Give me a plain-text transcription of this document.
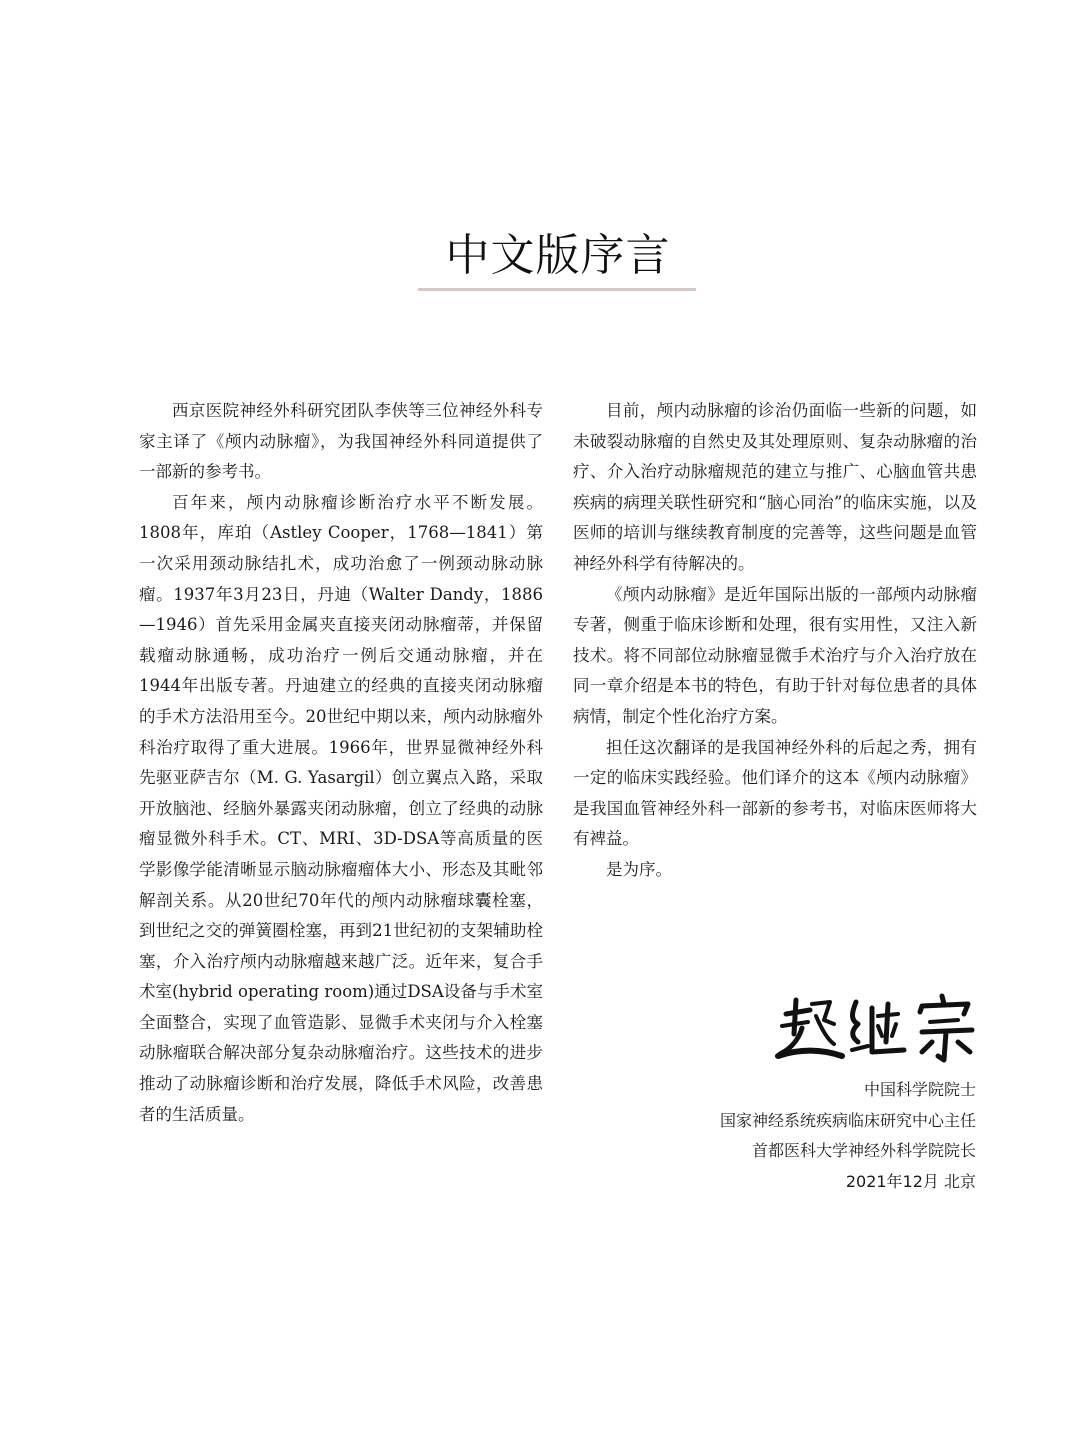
中文版序言

西京医院神经外科研究团队李侠等三位神经外科专家主译了《颅内动脉瘤》，为我国神经外科同道提供了一部新的参考书。

百年来，颅内动脉瘤诊断治疗水平不断发展。1808年，库珀（Astley Cooper，1768—1841）第一次采用颈动脉结扎术，成功治愈了一例颈动脉动脉瘤。1937年3月23日，丹迪（Walter Dandy，1886—1946）首先采用金属夹直接夹闭动脉瘤蒂，并保留载瘤动脉通畅，成功治疗一例后交通动脉瘤，并在1944年出版专著。丹迪建立的经典的直接夹闭动脉瘤的手术方法沿用至今。20世纪中期以来，颅内动脉瘤外科治疗取得了重大进展。1966年，世界显微神经外科先驱亚萨吉尔（M. G. Yasargil）创立翼点入路，采取开放脑池、经脑外暴露夹闭动脉瘤，创立了经典的动脉瘤显微外科手术。CT、MRI、3D-DSA等高质量的医学影像学能清晰显示脑动脉瘤瘤体大小、形态及其毗邻解剖关系。从20世纪70年代的颅内动脉瘤球囊栓塞，到世纪之交的弹簧圈栓塞，再到21世纪初的支架辅助栓塞，介入治疗颅内动脉瘤越来越广泛。近年来，复合手术室(hybrid operating room)通过DSA设备与手术室全面整合，实现了血管造影、显微手术夹闭与介入栓塞动脉瘤联合解决部分复杂动脉瘤治疗。这些技术的进步推动了动脉瘤诊断和治疗发展，降低手术风险，改善患者的生活质量。

目前，颅内动脉瘤的诊治仍面临一些新的问题，如未破裂动脉瘤的自然史及其处理原则、复杂动脉瘤的治疗、介入治疗动脉瘤规范的建立与推广、心脑血管共患疾病的病理关联性研究和“脑心同治”的临床实施，以及医师的培训与继续教育制度的完善等，这些问题是血管神经外科学有待解决的。

《颅内动脉瘤》是近年国际出版的一部颅内动脉瘤专著，侧重于临床诊断和处理，很有实用性，又注入新技术。将不同部位动脉瘤显微手术治疗与介入治疗放在同一章介绍是本书的特色，有助于针对每位患者的具体病情，制定个性化治疗方案。

担任这次翻译的是我国神经外科的后起之秀，拥有一定的临床实践经验。他们译介的这本《颅内动脉瘤》是我国血管神经外科一部新的参考书，对临床医师将大有裨益。

是为序。

中国科学院院士
国家神经系统疾病临床研究中心主任
首都医科大学神经外科学院院长
2021年12月 北京
